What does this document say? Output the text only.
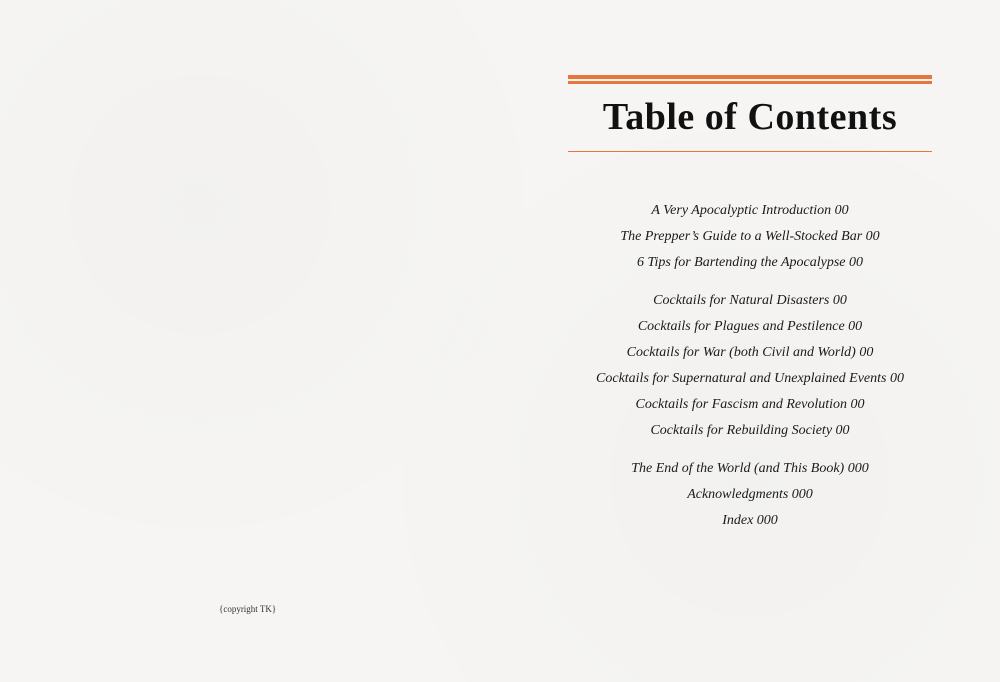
{copyright TK}
Table of Contents
A Very Apocalyptic Introduction 00
The Prepper’s Guide to a Well-Stocked Bar 00
6 Tips for Bartending the Apocalypse 00
Cocktails for Natural Disasters 00
Cocktails for Plagues and Pestilence 00
Cocktails for War (both Civil and World) 00
Cocktails for Supernatural and Unexplained Events 00
Cocktails for Fascism and Revolution 00
Cocktails for Rebuilding Society 00
The End of the World (and This Book) 000
Acknowledgments 000
Index 000
